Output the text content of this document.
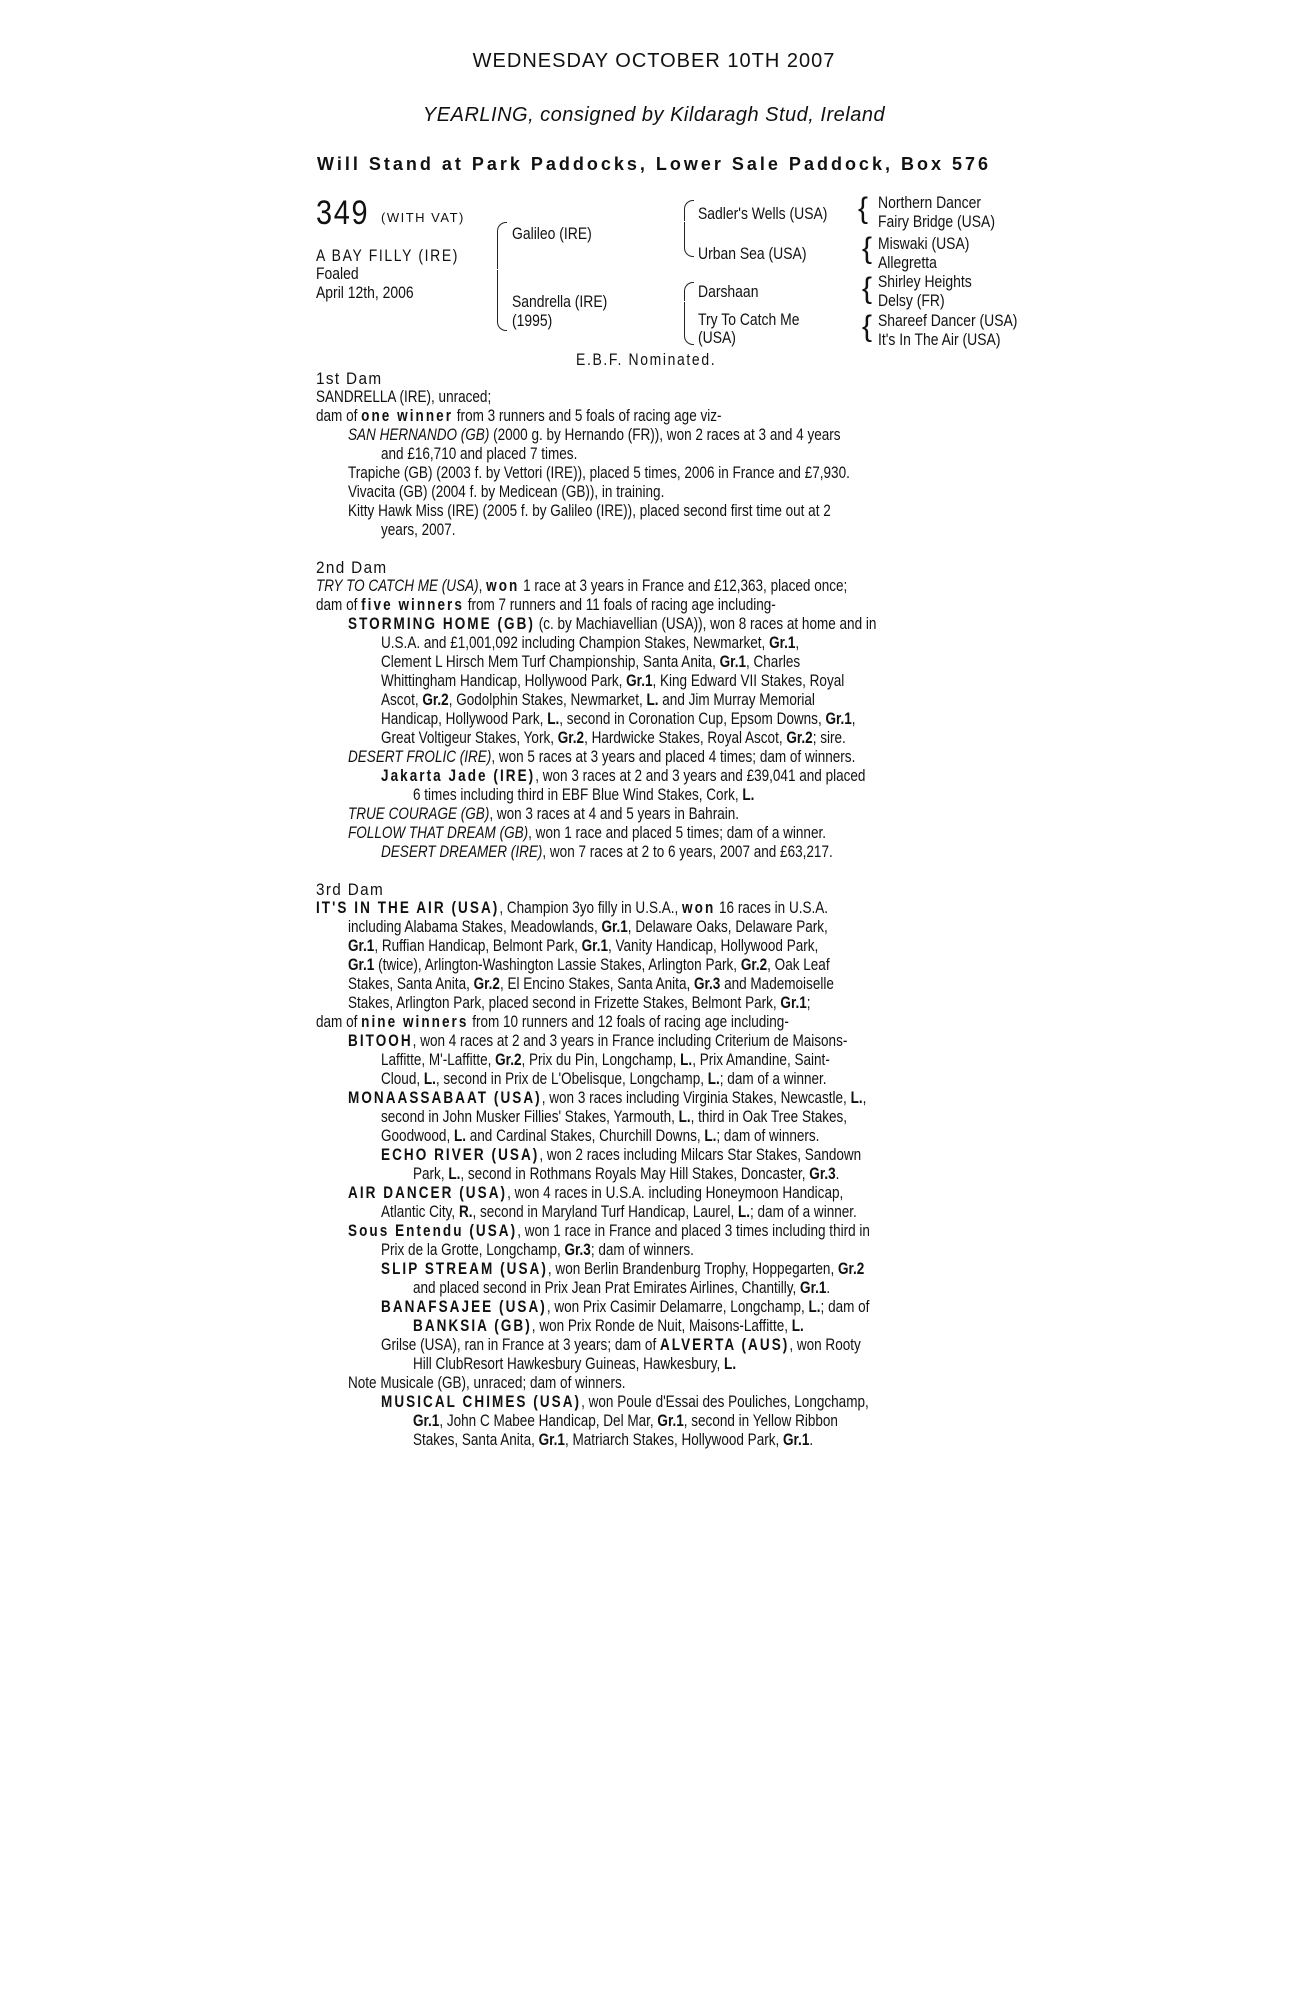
WEDNESDAY OCTOBER 10TH 2007
YEARLING, consigned by Kildaragh Stud, Ireland
Will Stand at Park Paddocks, Lower Sale Paddock, Box 576
349 (WITH VAT)
A BAY FILLY (IRE)
Foaled
April 12th, 2006
Galileo (IRE)
Sandrella (IRE)
(1995)
Sadler's Wells (USA)
Urban Sea (USA)
Darshaan
Try To Catch Me
(USA)
{ Northern Dancer
Fairy Bridge (USA)
{ Miswaki (USA)
Allegretta
{ Shirley Heights
Delsy (FR)
{ Shareef Dancer (USA)
It's In The Air (USA)
E.B.F. Nominated.
1st Dam
SANDRELLA (IRE), unraced;
dam of one winner from 3 runners and 5 foals of racing age viz-
SAN HERNANDO (GB) (2000 g. by Hernando (FR)), won 2 races at 3 and 4 years
and £16,710 and placed 7 times.
Trapiche (GB) (2003 f. by Vettori (IRE)), placed 5 times, 2006 in France and £7,930.
Vivacita (GB) (2004 f. by Medicean (GB)), in training.
Kitty Hawk Miss (IRE) (2005 f. by Galileo (IRE)), placed second first time out at 2
years, 2007.
2nd Dam
TRY TO CATCH ME (USA), won 1 race at 3 years in France and £12,363, placed once;
dam of five winners from 7 runners and 11 foals of racing age including-
STORMING HOME (GB) (c. by Machiavellian (USA)), won 8 races at home and in
U.S.A. and £1,001,092 including Champion Stakes, Newmarket, Gr.1,
Clement L Hirsch Mem Turf Championship, Santa Anita, Gr.1, Charles
Whittingham Handicap, Hollywood Park, Gr.1, King Edward VII Stakes, Royal
Ascot, Gr.2, Godolphin Stakes, Newmarket, L. and Jim Murray Memorial
Handicap, Hollywood Park, L., second in Coronation Cup, Epsom Downs, Gr.1,
Great Voltigeur Stakes, York, Gr.2, Hardwicke Stakes, Royal Ascot, Gr.2; sire.
DESERT FROLIC (IRE), won 5 races at 3 years and placed 4 times; dam of winners.
Jakarta Jade (IRE), won 3 races at 2 and 3 years and £39,041 and placed
6 times including third in EBF Blue Wind Stakes, Cork, L.
TRUE COURAGE (GB), won 3 races at 4 and 5 years in Bahrain.
FOLLOW THAT DREAM (GB), won 1 race and placed 5 times; dam of a winner.
DESERT DREAMER (IRE), won 7 races at 2 to 6 years, 2007 and £63,217.
3rd Dam
IT'S IN THE AIR (USA), Champion 3yo filly in U.S.A., won 16 races in U.S.A.
including Alabama Stakes, Meadowlands, Gr.1, Delaware Oaks, Delaware Park,
Gr.1, Ruffian Handicap, Belmont Park, Gr.1, Vanity Handicap, Hollywood Park,
Gr.1 (twice), Arlington-Washington Lassie Stakes, Arlington Park, Gr.2, Oak Leaf
Stakes, Santa Anita, Gr.2, El Encino Stakes, Santa Anita, Gr.3 and Mademoiselle
Stakes, Arlington Park, placed second in Frizette Stakes, Belmont Park, Gr.1;
dam of nine winners from 10 runners and 12 foals of racing age including-
BITOOH, won 4 races at 2 and 3 years in France including Criterium de Maisons-
Laffitte, M'-Laffitte, Gr.2, Prix du Pin, Longchamp, L., Prix Amandine, Saint-
Cloud, L., second in Prix de L'Obelisque, Longchamp, L.; dam of a winner.
MONAASSABAAT (USA), won 3 races including Virginia Stakes, Newcastle, L.,
second in John Musker Fillies' Stakes, Yarmouth, L., third in Oak Tree Stakes,
Goodwood, L. and Cardinal Stakes, Churchill Downs, L.; dam of winners.
ECHO RIVER (USA), won 2 races including Milcars Star Stakes, Sandown
Park, L., second in Rothmans Royals May Hill Stakes, Doncaster, Gr.3.
AIR DANCER (USA), won 4 races in U.S.A. including Honeymoon Handicap,
Atlantic City, R., second in Maryland Turf Handicap, Laurel, L.; dam of a winner.
Sous Entendu (USA), won 1 race in France and placed 3 times including third in
Prix de la Grotte, Longchamp, Gr.3; dam of winners.
SLIP STREAM (USA), won Berlin Brandenburg Trophy, Hoppegarten, Gr.2
and placed second in Prix Jean Prat Emirates Airlines, Chantilly, Gr.1.
BANAFSAJEE (USA), won Prix Casimir Delamarre, Longchamp, L.; dam of
BANKSIA (GB), won Prix Ronde de Nuit, Maisons-Laffitte, L.
Grilse (USA), ran in France at 3 years; dam of ALVERTA (AUS), won Rooty
Hill ClubResort Hawkesbury Guineas, Hawkesbury, L.
Note Musicale (GB), unraced; dam of winners.
MUSICAL CHIMES (USA), won Poule d'Essai des Pouliches, Longchamp,
Gr.1, John C Mabee Handicap, Del Mar, Gr.1, second in Yellow Ribbon
Stakes, Santa Anita, Gr.1, Matriarch Stakes, Hollywood Park, Gr.1.
